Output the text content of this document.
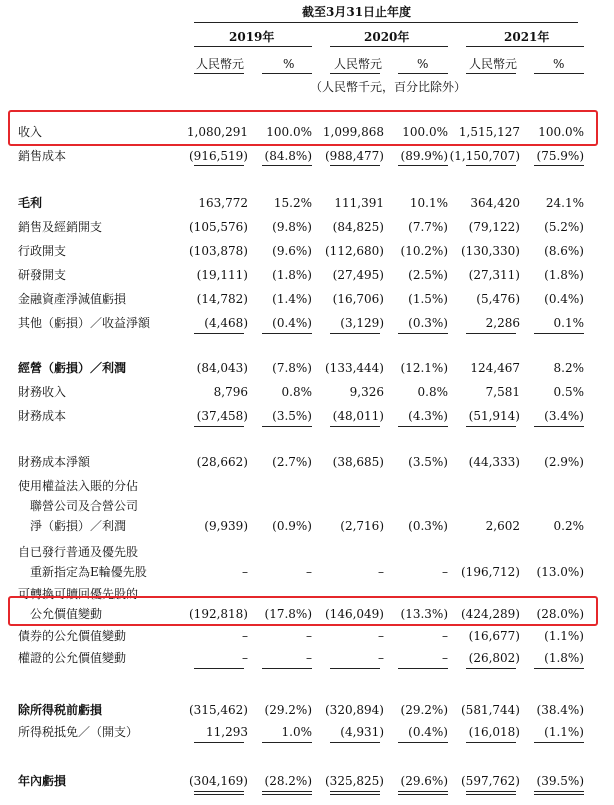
截至3月31日止年度
2019年	2020年	2021年
人民幣元	%	人民幣元	%	人民幣元	%
（人民幣千元，百分比除外）
收入	1,080,291 100.0% 1,099,868 100.0% 1,515,127 100.0%
銷售成本	(916,519) (84.8%) (988,477) (89.9%) (1,150,707) (75.9%)
毛利	163,772 15.2% 111,391 10.1% 364,420 24.1%
銷售及經銷開支	(105,576) (9.8%) (84,825) (7.7%) (79,122) (5.2%)
行政開支	(103,878) (9.6%) (112,680) (10.2%) (130,330) (8.6%)
研發開支	(19,111) (1.8%) (27,495) (2.5%) (27,311) (1.8%)
金融資產淨減值虧損	(14,782) (1.4%) (16,706) (1.5%) (5,476) (0.4%)
其他（虧損）／收益淨額	(4,468) (0.4%) (3,129) (0.3%)	2,286	0.1%
經營（虧損）／利潤	(84,043) (7.8%) (133,444) (12.1%) 124,467	8.2%
財務收入	8,796	0.8%	9,326	0.8%	7,581	0.5%
財務成本	(37,458) (3.5%) (48,011) (4.3%) (51,914) (3.4%)
財務成本淨額	(28,662) (2.7%) (38,685) (3.5%) (44,333) (2.9%)
使用權益法入賬的分佔
　聯營公司及合營公司
　淨（虧損）／利潤	(9,939) (0.9%) (2,716) (0.3%)	2,602	0.2%
自已發行普通及優先股
　重新指定為E輪優先股	–	–	–	– (196,712) (13.0%)
可轉換可贖回優先股的
　公允價值變動	(192,818) (17.8%) (146,049) (13.3%) (424,289) (28.0%)
債券的公允價值變動	–	–	–	– (16,677) (1.1%)
權證的公允價值變動	–	–	–	– (26,802) (1.8%)
除所得税前虧損	(315,462) (29.2%) (320,894) (29.2%) (581,744) (38.4%)
所得税抵免／（開支）	11,293	1.0% (4,931) (0.4%) (16,018) (1.1%)
年內虧損	(304,169) (28.2%) (325,825) (29.6%) (597,762) (39.5%)
